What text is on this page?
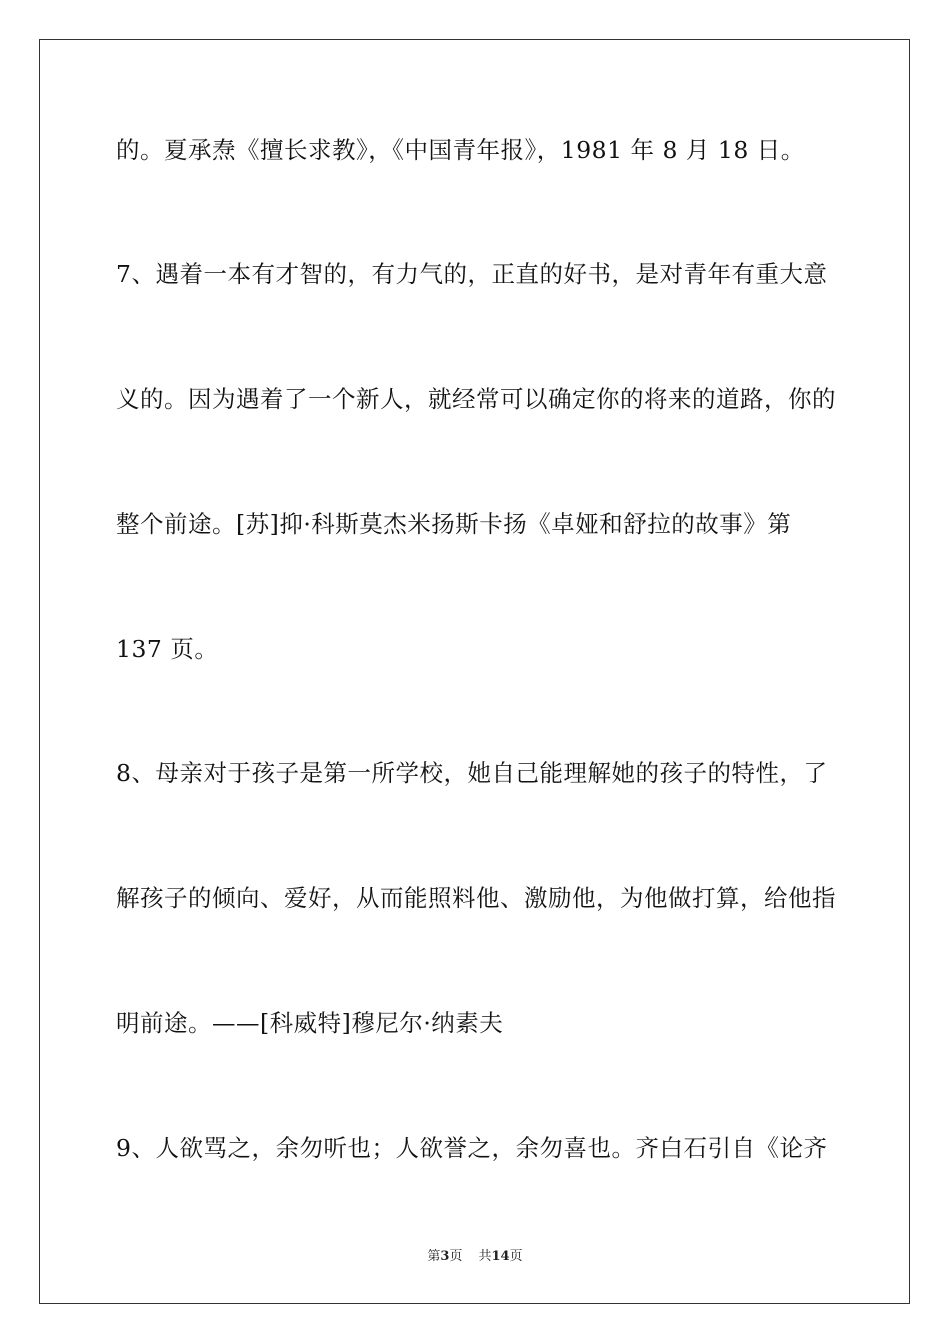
的。夏承焘《擅长求教》，《中国青年报》，1981 年 8 月 18 日。
7、遇着一本有才智的，有力气的，正直的好书，是对青年有重大意
义的。因为遇着了一个新人，就经常可以确定你的将来的道路，你的
整个前途。[苏]抑·科斯莫杰米扬斯卡扬《卓娅和舒拉的故事》第
137 页。
8、母亲对于孩子是第一所学校，她自己能理解她的孩子的特性，了
解孩子的倾向、爱好，从而能照料他、激励他，为他做打算，给他指
明前途。——[科威特]穆尼尔·纳素夫
9、人欲骂之，余勿听也；人欲誉之，余勿喜也。齐白石引自《论齐
第3页 共14页
